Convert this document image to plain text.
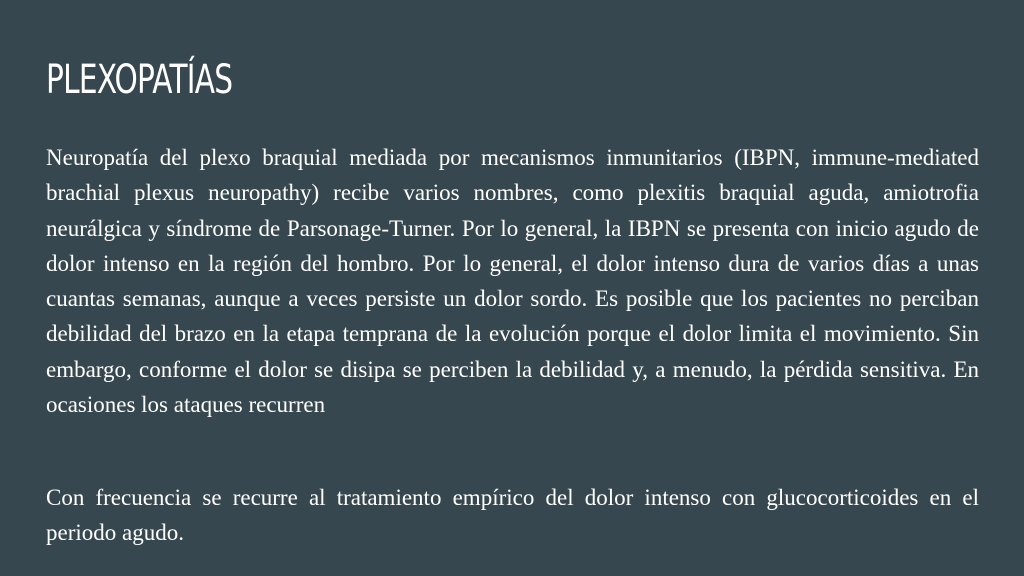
PLEXOPATÍAS

Neuropatía del plexo braquial mediada por mecanismos inmunitarios (IBPN, immune-mediated brachial plexus neuropathy) recibe varios nombres, como plexitis braquial aguda, amiotrofia neurálgica y síndrome de Parsonage-Turner. Por lo general, la IBPN se presenta con inicio agudo de dolor intenso en la región del hombro. Por lo general, el dolor intenso dura de varios días a unas cuantas semanas, aunque a veces persiste un dolor sordo. Es posible que los pacientes no perciban debilidad del brazo en la etapa temprana de la evolución porque el dolor limita el movimiento. Sin embargo, conforme el dolor se disipa se perciben la debilidad y, a menudo, la pérdida sensitiva. En ocasiones los ataques recurren

Con frecuencia se recurre al tratamiento empírico del dolor intenso con glucocorticoides en el periodo agudo.
